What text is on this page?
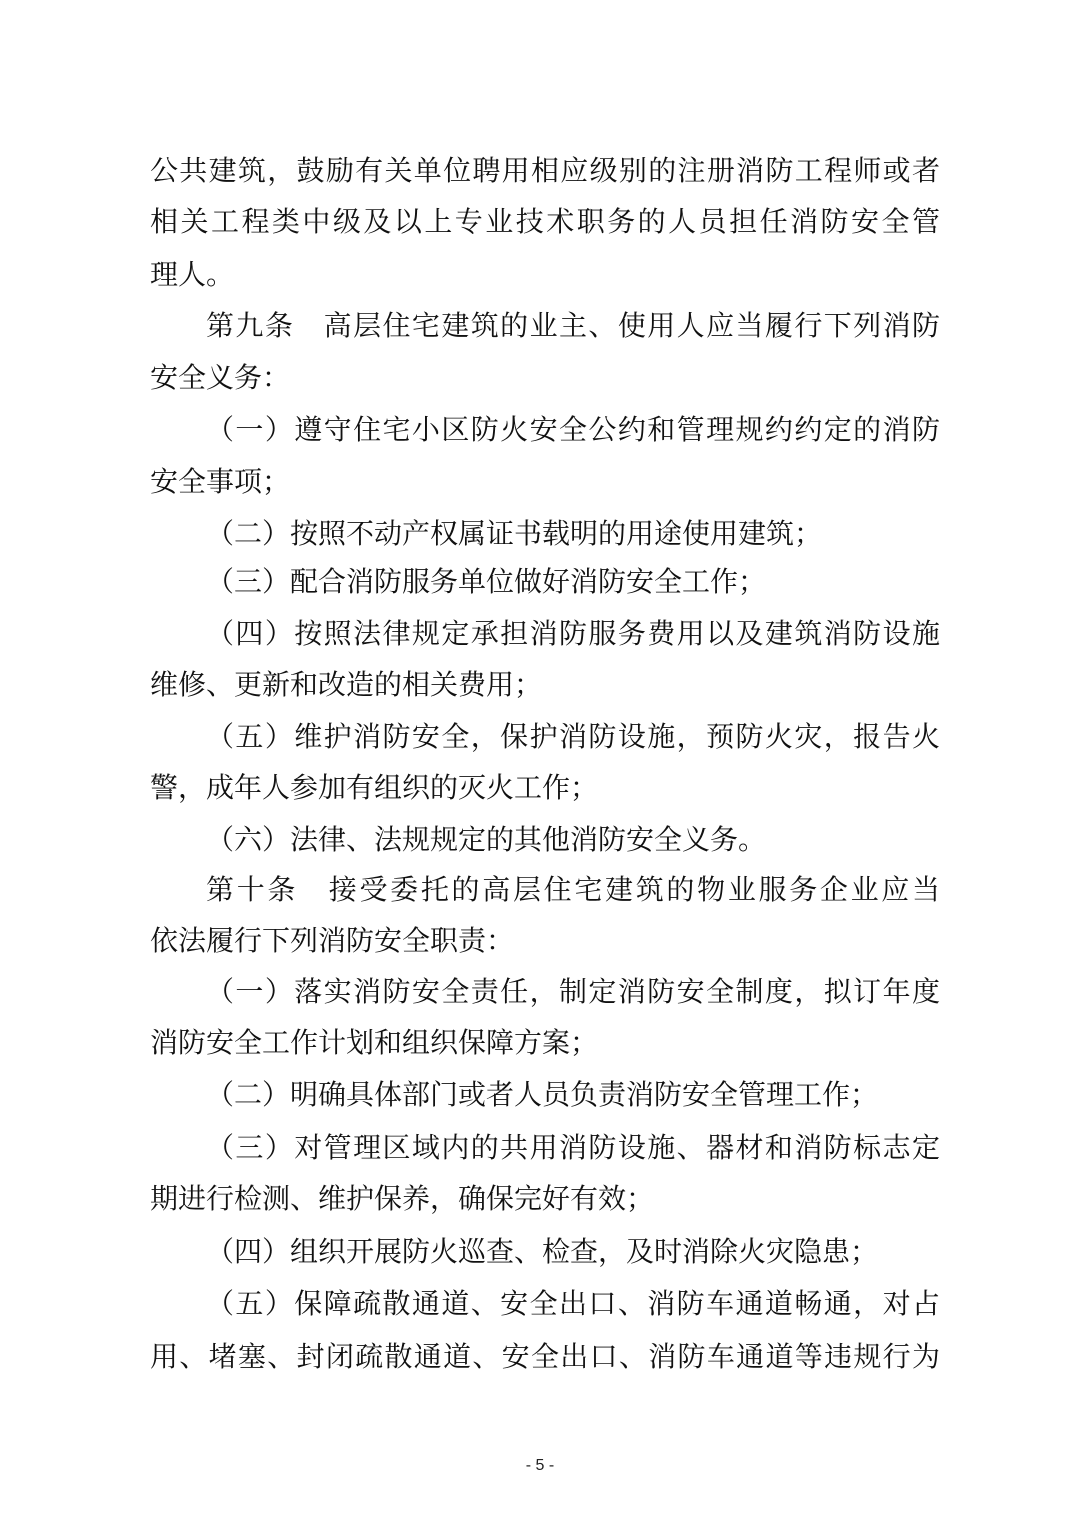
公共建筑，鼓励有关单位聘用相应级别的注册消防工程师或者
相关工程类中级及以上专业技术职务的人员担任消防安全管
理人。
第九条　高层住宅建筑的业主、使用人应当履行下列消防
安全义务：
（一）遵守住宅小区防火安全公约和管理规约约定的消防
安全事项；
（二）按照不动产权属证书载明的用途使用建筑；
（三）配合消防服务单位做好消防安全工作；
（四）按照法律规定承担消防服务费用以及建筑消防设施
维修、更新和改造的相关费用；
（五）维护消防安全，保护消防设施，预防火灾，报告火
警，成年人参加有组织的灭火工作；
（六）法律、法规规定的其他消防安全义务。
第十条　接受委托的高层住宅建筑的物业服务企业应当
依法履行下列消防安全职责：
（一）落实消防安全责任，制定消防安全制度，拟订年度
消防安全工作计划和组织保障方案；
（二）明确具体部门或者人员负责消防安全管理工作；
（三）对管理区域内的共用消防设施、器材和消防标志定
期进行检测、维护保养，确保完好有效；
（四）组织开展防火巡查、检查，及时消除火灾隐患；
（五）保障疏散通道、安全出口、消防车通道畅通，对占
用、堵塞、封闭疏散通道、安全出口、消防车通道等违规行为
- 5 -
